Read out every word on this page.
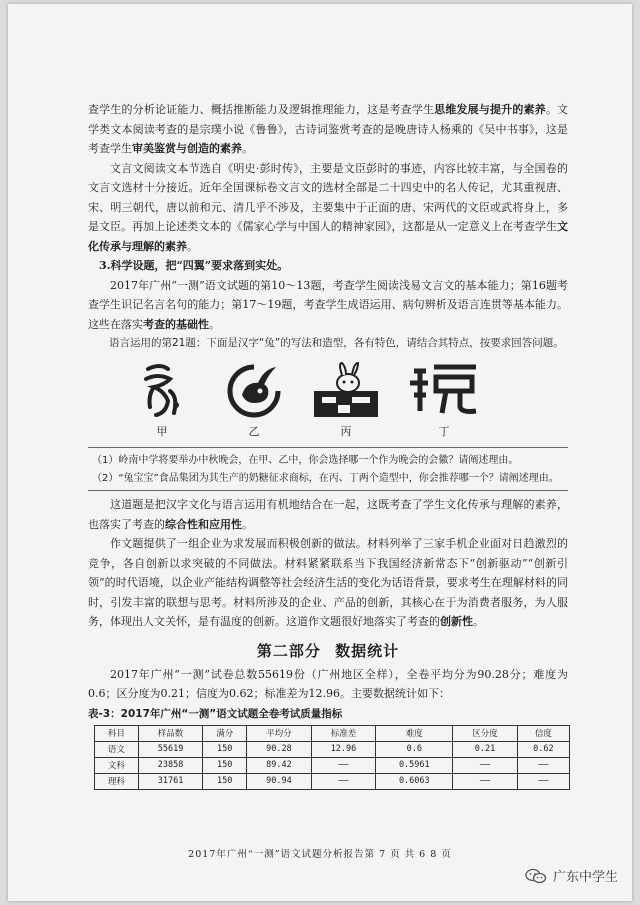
查学生的分析论证能力、概括推断能力及逻辑推理能力，这是考查学生思维发展与提升的素养。文学类文本阅读考查的是宗璞小说《鲁鲁》，古诗词鉴赏考查的是晚唐诗人杨乘的《吴中书事》，这是考查学生审美鉴赏与创造的素养。

文言文阅读文本节选自《明史·彭时传》，主要是文臣彭时的事迹，内容比较丰富，与全国卷的文言文选材十分接近。近年全国课标卷文言文的选材全部是二十四史中的名人传记，尤其重视唐、宋、明三朝代，唐以前和元、清几乎不涉及，主要集中于正面的唐、宋两代的文臣或武将身上，多是文臣。再加上论述类文本的《儒家心学与中国人的精神家园》，这都是从一定意义上在考查学生文化传承与理解的素养。

3.科学设题，把“四翼”要求落到实处。

2017年广州“一测”语文试题的第10～13题，考查学生阅读浅易文言文的基本能力；第16题考查学生识记名言名句的能力；第17～19题，考查学生成语运用、病句辨析及语言连贯等基本能力。这些在落实考查的基础性。

语言运用的第21题：下面是汉字“兔”的写法和造型，各有特色，请结合其特点，按要求回答问题。

甲	乙	丙	丁
（1）岭南中学将要举办中秋晚会，在甲、乙中，你会选择哪一个作为晚会的会徽？请阐述理由。
（2）“兔宝宝”食品集团为其生产的奶糖征求商标，在丙、丁两个造型中，你会推荐哪一个？请阐述理由。

这道题是把汉字文化与语言运用有机地结合在一起，这既考查了学生文化传承与理解的素养，也落实了考查的综合性和应用性。

作文题提供了一组企业为求发展而积极创新的做法。材料列举了三家手机企业面对日趋激烈的竞争，各自创新以求突破的不同做法。材料紧紧联系当下我国经济新常态下“创新驱动”“创新引领”的时代语境，以企业产能结构调整等社会经济生活的变化为话语背景，要求考生在理解材料的同时，引发丰富的联想与思考。材料所涉及的企业、产品的创新，其核心在于为消费者服务，为人服务，体现出人文关怀，是有温度的创新。这道作文题很好地落实了考查的创新性。

第二部分 数据统计

2017年广州“一测”试卷总数55619份（广州地区全样），全卷平均分为90.28分；难度为0.6；区分度为0.21；信度为0.62；标准差为12.96。主要数据统计如下：

表-3：2017年广州“一测”语文试题全卷考试质量指标
科目	样品数	满分	平均分	标准差	难度	区分度	信度
语文	55619	150	90.28	12.96	0.6	0.21	0.62
文科	23858	150	89.42	——	0.5961	——	——
理科	31761	150	90.94	——	0.6063	——	——
2017年广州“一测”语文试题分析报告第 7 页 共 6 8 页
广东中学生
